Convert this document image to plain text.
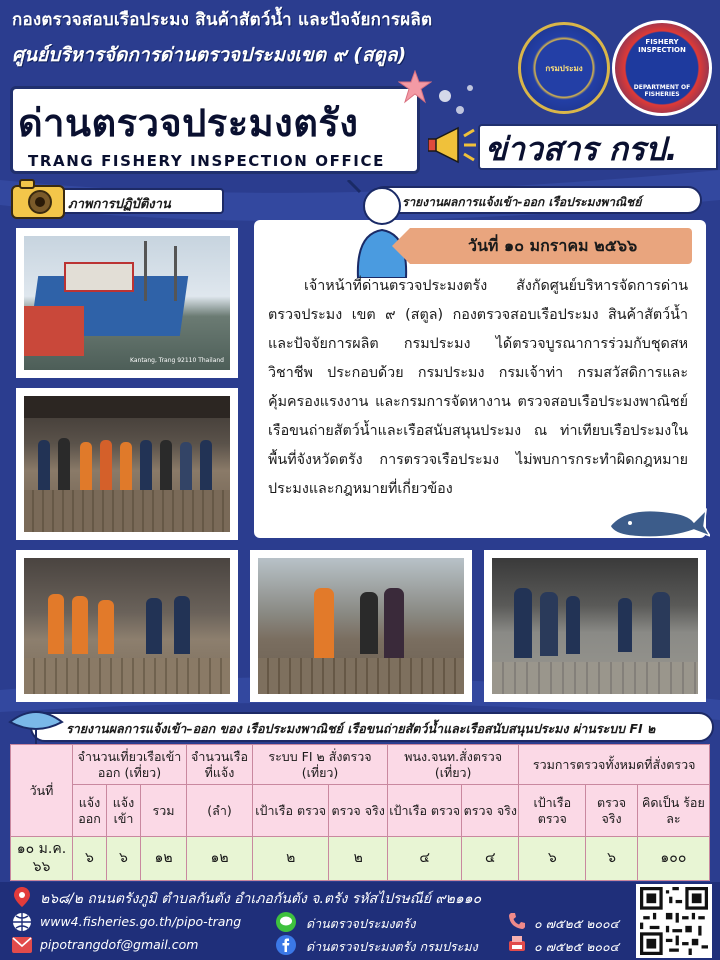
กองตรวจสอบเรือประมง สินค้าสัตว์น้ำ และปัจจัยการผลิต
ศูนย์บริหารจัดการด่านตรวจประมงเขต ๙ (สตูล)
กรมประมง
FISHERY INSPECTION
DEPARTMENT OF FISHERIES
ด่านตรวจประมงตรัง
TRANG FISHERY INSPECTION OFFICE	ข่าวสาร กรป.
ภาพการปฏิบัติงาน	รายงานผลการแจ้งเข้า-ออก เรือประมงพาณิชย์
Kantang, Trang 92110 Thailand
วันที่ ๑๐ มกราคม ๒๕๖๖
เจ้าหน้าที่ด่านตรวจประมงตรัง สังกัดศูนย์บริหารจัดการด่านตรวจประมง เขต ๙ (สตูล) กองตรวจสอบเรือประมง สินค้าสัตว์น้ำ และปัจจัยการผลิต กรมประมง ได้ตรวจบูรณาการร่วมกับชุดสหวิชาชีพ ประกอบด้วย กรมประมง กรมเจ้าท่า กรมสวัสดิการและคุ้มครองแรงงาน และกรมการจัดหางาน ตรวจสอบเรือประมงพาณิชย์ เรือขนถ่ายสัตว์น้ำและเรือสนับสนุนประมง ณ ท่าเทียบเรือประมงในพื้นที่จังหวัดตรัง การตรวจเรือประมง ไม่พบการกระทำผิดกฎหมายประมงและกฎหมายที่เกี่ยวข้อง
รายงานผลการแจ้งเข้า–ออก ของ เรือประมงพาณิชย์ เรือขนถ่ายสัตว์น้ำและเรือสนับสนุนประมง ผ่านระบบ FI ๒
วันที่	จำนวนเที่ยวเรือเข้าออก (เที่ยว)			จำนวนเรือ ที่แจ้ง	ระบบ FI ๒ สั่งตรวจ (เที่ยว)		พนง.จนท.สั่งตรวจ (เที่ยว)		รวมการตรวจทั้งหมดที่สั่งตรวจ		
	แจ้ง ออก	แจ้ง เข้า	รวม	(ลำ)	เป้าเรือ ตรวจ	ตรวจ จริง	เป้าเรือ ตรวจ	ตรวจ จริง	เป้าเรือ ตรวจ	ตรวจ จริง	คิดเป็น ร้อยละ
๑๐ ม.ค. ๖๖	๖	๖	๑๒	๑๒	๒	๒	๔	๔	๖	๖	๑๐๐
๒๖๘/๒ ถนนตรังภูมิ ตำบลกันตัง อำเภอกันตัง จ.ตรัง รหัสไปรษณีย์ ๙๒๑๑๐
www4.fisheries.go.th/pipo-trang	ด่านตรวจประมงตรัง	๐ ๗๕๒๕ ๒๐๐๔
pipotrangdof@gmail.com	ด่านตรวจประมงตรัง กรมประมง	๐ ๗๕๒๕ ๒๐๐๔
